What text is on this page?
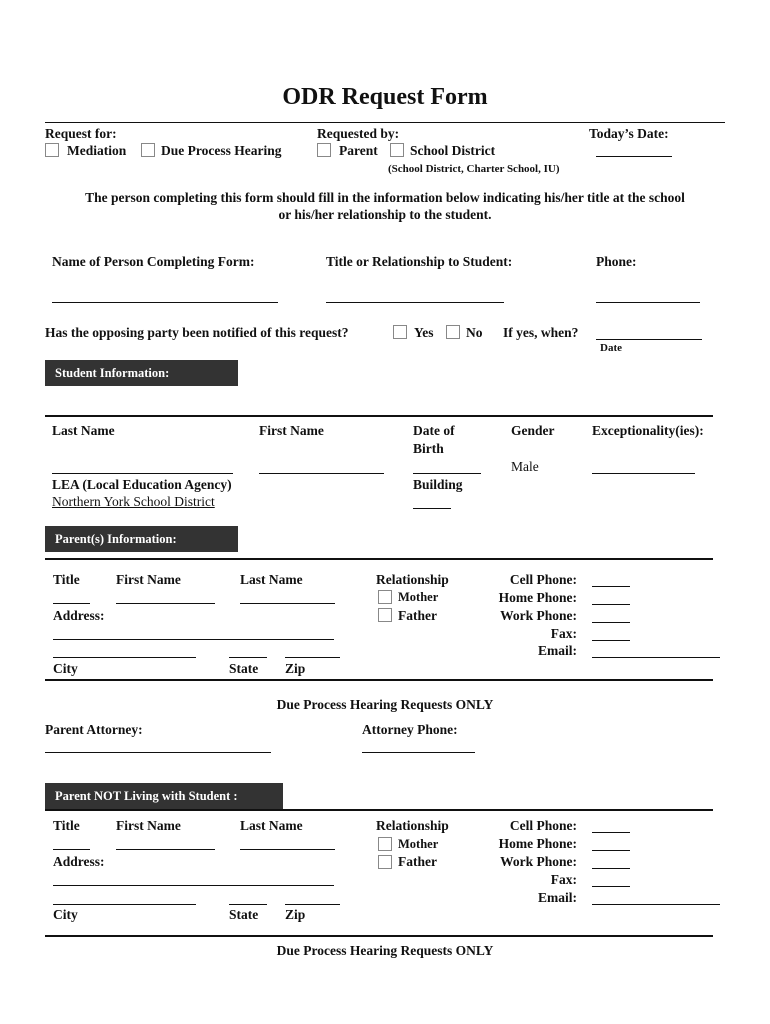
ODR Request Form
Request for:
Mediation	Due Process Hearing
Requested by:
Parent School District
(School District, Charter School, IU)
Today’s Date:
The person completing this form should fill in the information below indicating his/her title at the school
or his/her relationship to the student.
Name of Person Completing Form:	Title or Relationship to Student:	Phone:
Has the opposing party been notified of this request?	Yes No If yes, when?
Date
Student Information:
Last Name	First Name	Date of
Birth
Gender	Exceptionality(ies):
Male
LEA (Local Education Agency)
Northern York School District
Building
Parent(s) Information:
Title	First Name	Last Name	Relationship
Mother
Father
Cell Phone:
Home Phone:
Work Phone:
Fax:
Email:
Address:
City	State Zip
Due Process Hearing Requests ONLY
Parent Attorney:	Attorney Phone:
Parent NOT Living with Student :
Title	First Name	Last Name	Relationship
Mother
Father
Cell Phone:
Home Phone:
Work Phone:
Fax:
Email:
Address:
City	State Zip
Due Process Hearing Requests ONLY
